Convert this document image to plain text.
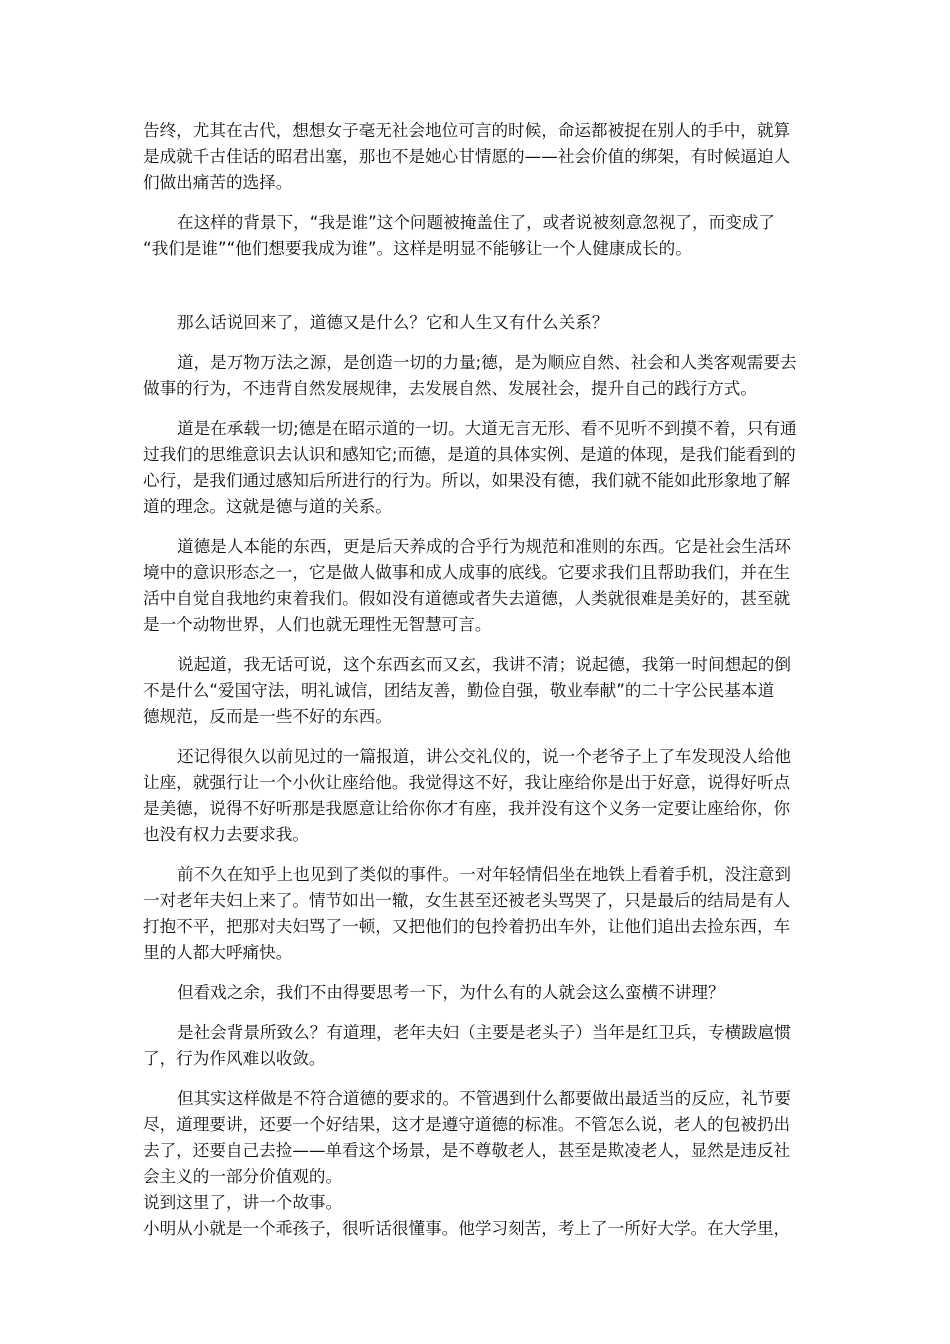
告终，尤其在古代，想想女子毫无社会地位可言的时候，命运都被捉在别人的手中，就算
是成就千古佳话的昭君出塞，那也不是她心甘情愿的——社会价值的绑架，有时候逼迫人
们做出痛苦的选择。
在这样的背景下，“我是谁”这个问题被掩盖住了，或者说被刻意忽视了，而变成了
“我们是谁”“他们想要我成为谁”。这样是明显不能够让一个人健康成长的。
那么话说回来了，道德又是什么？它和人生又有什么关系？
道，是万物万法之源，是创造一切的力量;德，是为顺应自然、社会和人类客观需要去
做事的行为，不违背自然发展规律，去发展自然、发展社会，提升自己的践行方式。
道是在承载一切;德是在昭示道的一切。大道无言无形、看不见听不到摸不着，只有通
过我们的思维意识去认识和感知它;而德，是道的具体实例、是道的体现，是我们能看到的
心行，是我们通过感知后所进行的行为。所以，如果没有德，我们就不能如此形象地了解
道的理念。这就是德与道的关系。
道德是人本能的东西，更是后天养成的合乎行为规范和准则的东西。它是社会生活环
境中的意识形态之一，它是做人做事和成人成事的底线。它要求我们且帮助我们，并在生
活中自觉自我地约束着我们。假如没有道德或者失去道德，人类就很难是美好的，甚至就
是一个动物世界，人们也就无理性无智慧可言。
说起道，我无话可说，这个东西玄而又玄，我讲不清；说起德，我第一时间想起的倒
不是什么“爱国守法，明礼诚信，团结友善，勤俭自强，敬业奉献”的二十字公民基本道
德规范，反而是一些不好的东西。
还记得很久以前见过的一篇报道，讲公交礼仪的，说一个老爷子上了车发现没人给他
让座，就强行让一个小伙让座给他。我觉得这不好，我让座给你是出于好意，说得好听点
是美德，说得不好听那是我愿意让给你你才有座，我并没有这个义务一定要让座给你，你
也没有权力去要求我。
前不久在知乎上也见到了类似的事件。一对年轻情侣坐在地铁上看着手机，没注意到
一对老年夫妇上来了。情节如出一辙，女生甚至还被老头骂哭了，只是最后的结局是有人
打抱不平，把那对夫妇骂了一顿，又把他们的包拎着扔出车外，让他们追出去捡东西，车
里的人都大呼痛快。
但看戏之余，我们不由得要思考一下，为什么有的人就会这么蛮横不讲理？
是社会背景所致么？有道理，老年夫妇（主要是老头子）当年是红卫兵，专横跋扈惯
了，行为作风难以收敛。
但其实这样做是不符合道德的要求的。不管遇到什么都要做出最适当的反应，礼节要
尽，道理要讲，还要一个好结果，这才是遵守道德的标准。不管怎么说，老人的包被扔出
去了，还要自己去捡——单看这个场景，是不尊敬老人，甚至是欺凌老人，显然是违反社
会主义的一部分价值观的。
说到这里了，讲一个故事。
小明从小就是一个乖孩子，很听话很懂事。他学习刻苦，考上了一所好大学。在大学里，
